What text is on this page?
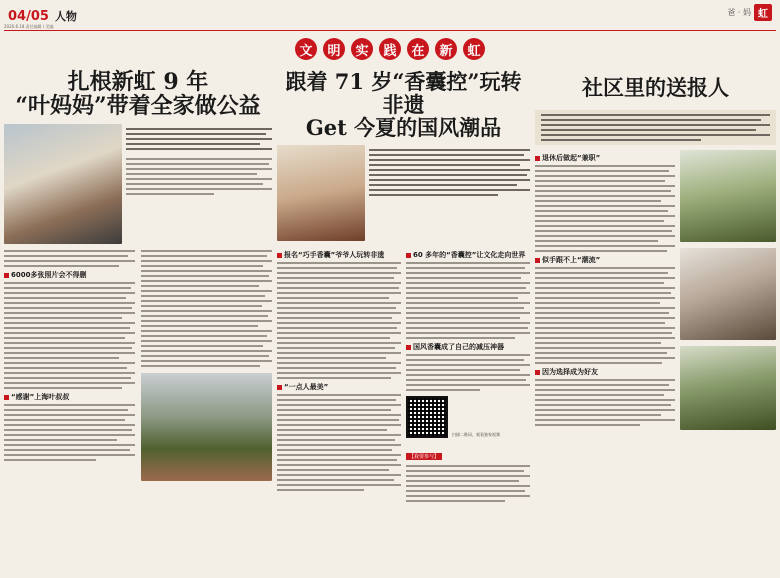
04/05 人物
2020.6.18 责任编辑 / 美编
爸 · 妈 虹
文	明	实	践	在	新	虹
扎根新虹 9 年
“叶妈妈”带着全家做公益
6000多张照片会不得删
“感谢”上海叶叔叔
跟着 71 岁“香囊控”玩转非遗
Get 今夏的国风潮品
报名“巧手香囊”爷爷人玩转非遗
“一点人最美”
60 多年的“香囊控”让文化走向世界
国风香囊成了自己的减压神器
扫描二维码，观看独家视频
【我要参与】
社区里的送报人
退休后做起“兼职”
似手跟不上“潮流”
因为选择成为好友
